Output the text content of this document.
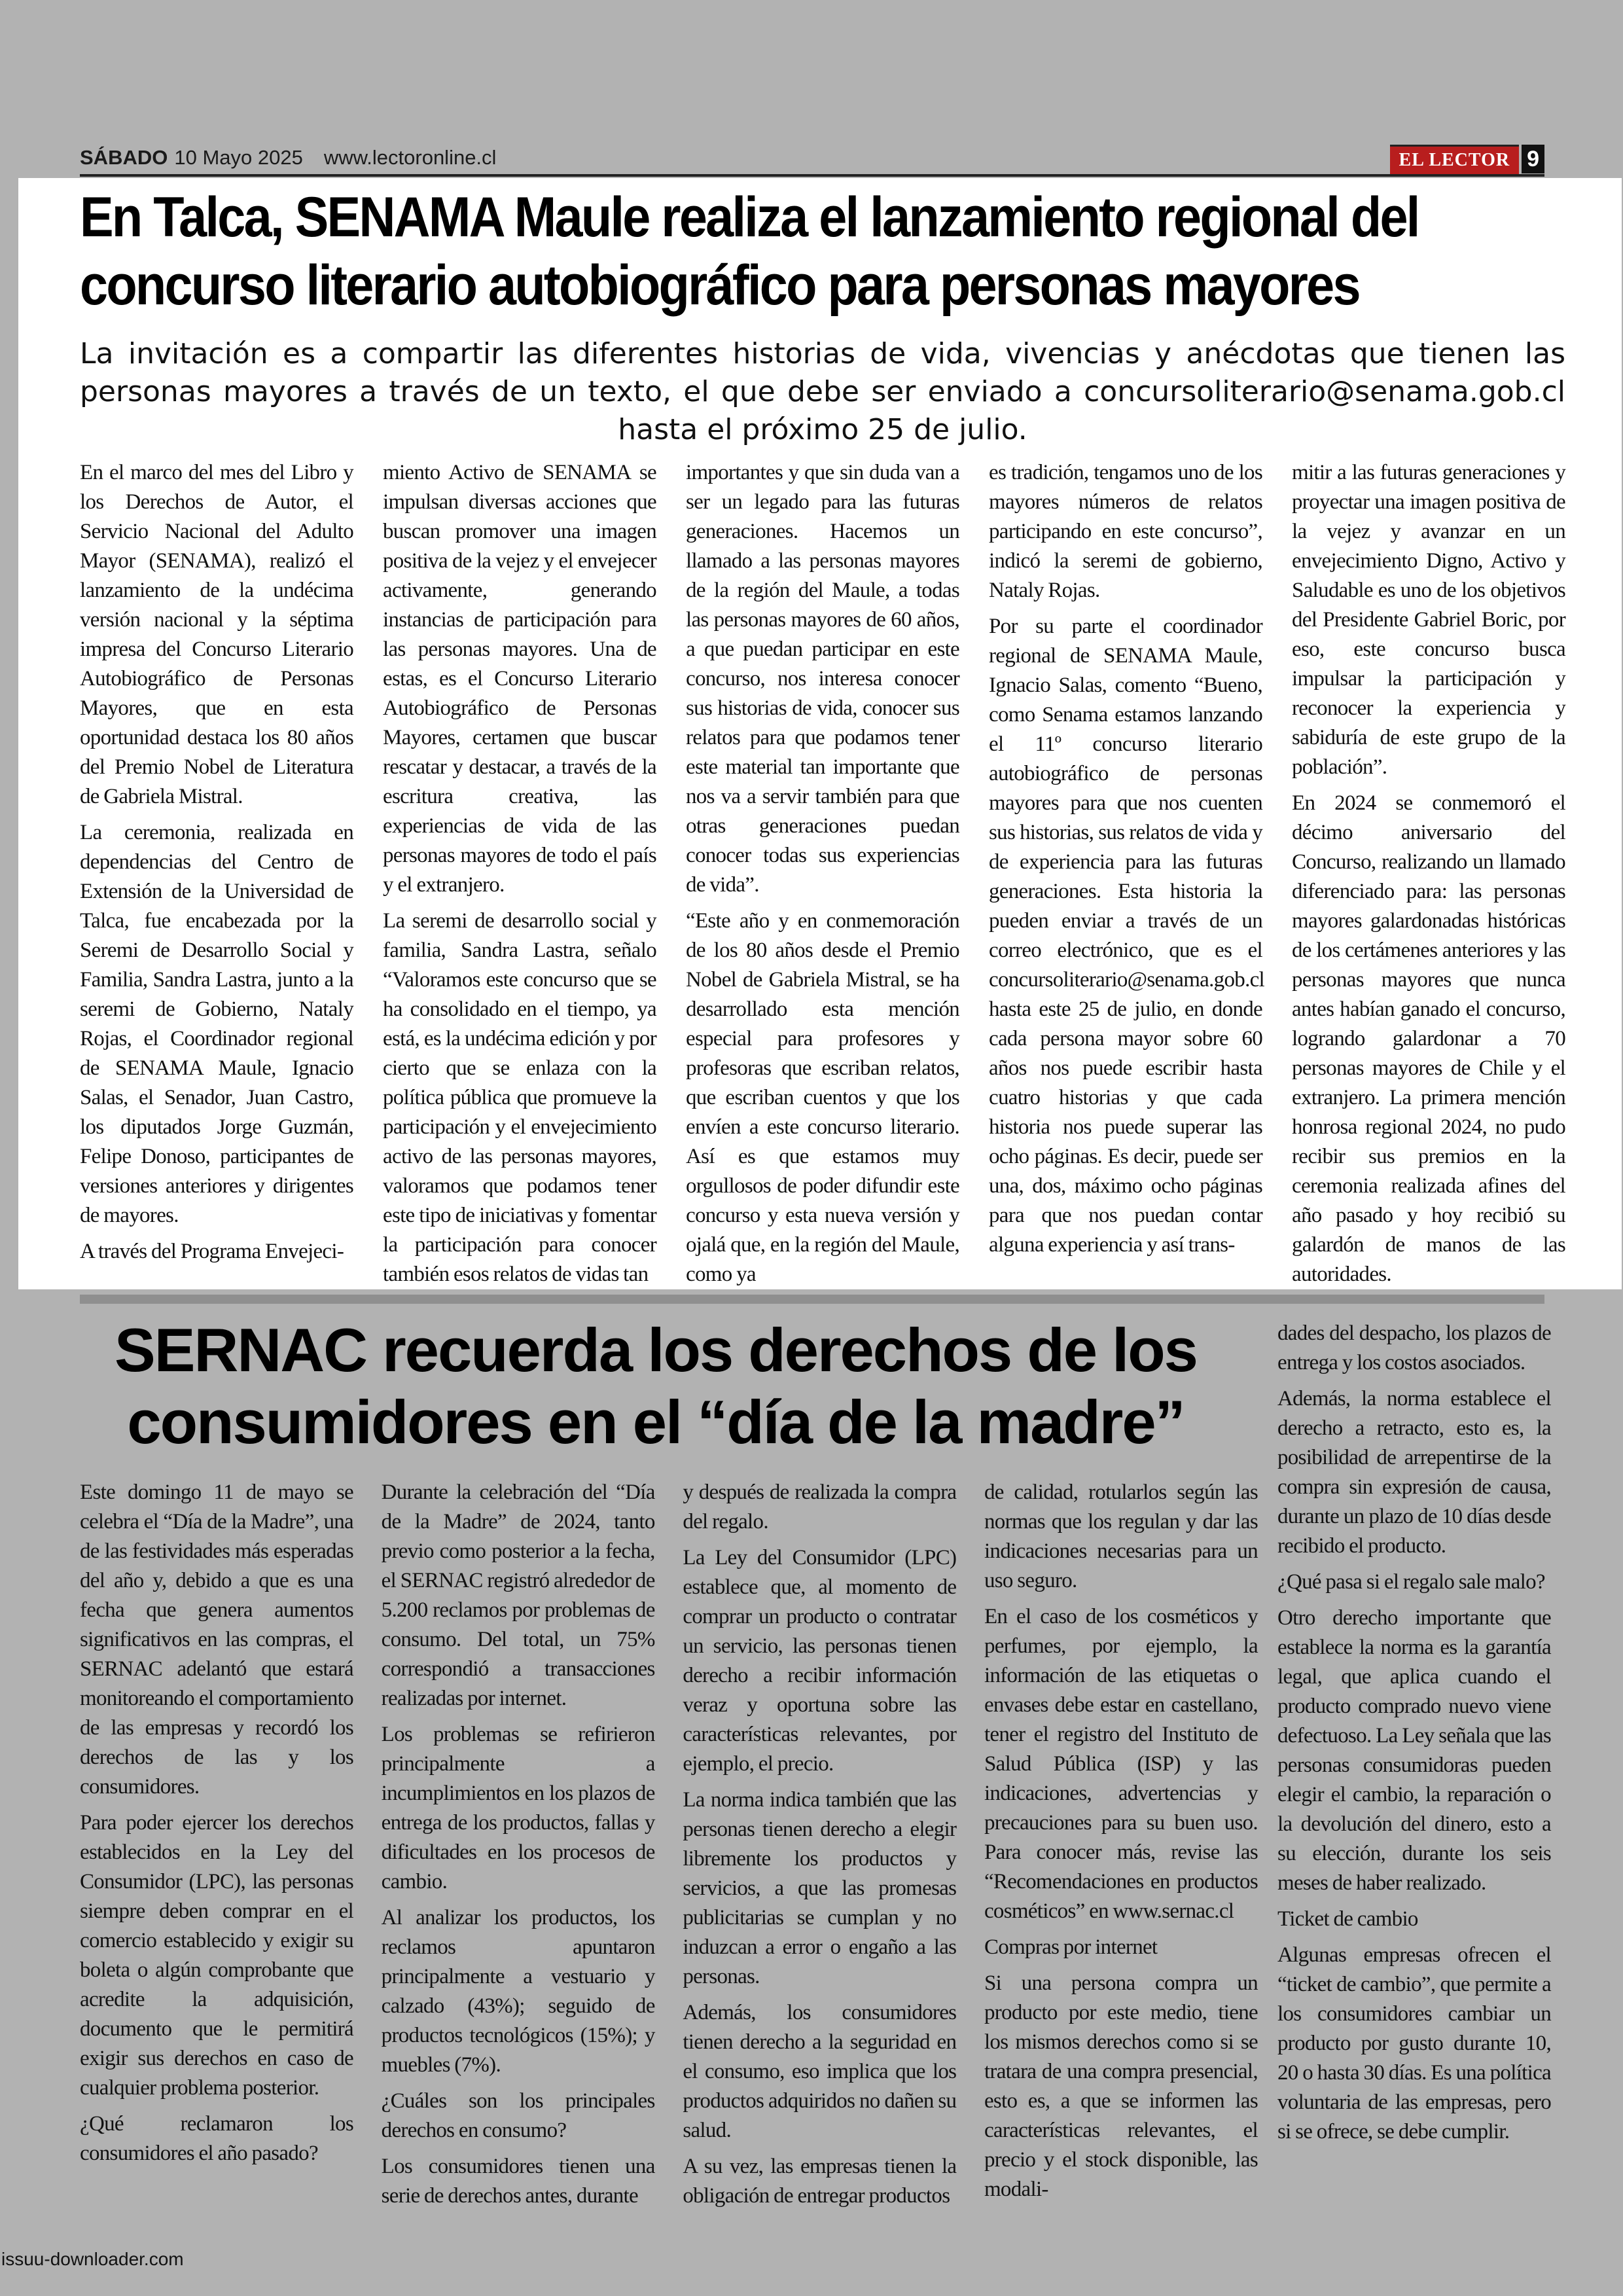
SÁBADO 10 Mayo 2025 www.lectoronline.cl	EL LECTOR 9
En Talca, SENAMA Maule realiza el lanzamiento regional del
concurso literario autobiográfico para personas mayores
La invitación es a compartir las diferentes historias de vida, vivencias y anécdotas que tienen las personas mayores a través de un texto, el que debe ser enviado a concursoliterario@senama.gob.cl hasta el próximo 25 de julio.

En el marco del mes del Libro y los Derechos de Autor, el Servicio Nacional del Adulto Mayor (SENAMA), realizó el lanzamiento de la undécima versión nacional y la séptima impresa del Concurso Literario Autobiográfico de Personas Mayores, que en esta oportunidad destaca los 80 años del Premio Nobel de Literatura de Gabriela Mistral.

La ceremonia, realizada en dependencias del Centro de Extensión de la Universidad de Talca, fue encabezada por la Seremi de Desarrollo Social y Familia, Sandra Lastra, junto a la seremi de Gobierno, Nataly Rojas, el Coordinador regional de SENAMA Maule, Ignacio Salas, el Senador, Juan Castro, los diputados Jorge Guzmán, Felipe Donoso, participantes de versiones anteriores y dirigentes de mayores.

A través del Programa Envejeci-

miento Activo de SENAMA se impulsan diversas acciones que buscan promover una imagen positiva de la vejez y el envejecer activamente, generando instancias de participación para las personas mayores. Una de estas, es el Concurso Literario Autobiográfico de Personas Mayores, certamen que buscar rescatar y destacar, a través de la escritura creativa, las experiencias de vida de las personas mayores de todo el país y el extranjero.

La seremi de desarrollo social y familia, Sandra Lastra, señalo “Valoramos este concurso que se ha consolidado en el tiempo, ya está, es la undécima edición y por cierto que se enlaza con la política pública que promueve la participación y el envejecimiento activo de las personas mayores, valoramos que podamos tener este tipo de iniciativas y fomentar la participación para conocer también esos relatos de vidas tan

importantes y que sin duda van a ser un legado para las futuras generaciones. Hacemos un llamado a las personas mayores de la región del Maule, a todas las personas mayores de 60 años, a que puedan participar en este concurso, nos interesa conocer sus historias de vida, conocer sus relatos para que podamos tener este material tan importante que nos va a servir también para que otras generaciones puedan conocer todas sus experiencias de vida”.

“Este año y en conmemoración de los 80 años desde el Premio Nobel de Gabriela Mistral, se ha desarrollado esta mención especial para profesores y profesoras que escriban relatos, que escriban cuentos y que los envíen a este concurso literario. Así es que estamos muy orgullosos de poder difundir este concurso y esta nueva versión y ojalá que, en la región del Maule, como ya

es tradición, tengamos uno de los mayores números de relatos participando en este concurso”, indicó la seremi de gobierno, Nataly Rojas.

Por su parte el coordinador regional de SENAMA Maule, Ignacio Salas, comento “Bueno, como Senama estamos lanzando el 11º concurso literario autobiográfico de personas mayores para que nos cuenten sus historias, sus relatos de vida y de experiencia para las futuras generaciones. Esta historia la pueden enviar a través de un correo electrónico, que es el concursoliterario@senama.gob.cl hasta este 25 de julio, en donde cada persona mayor sobre 60 años nos puede escribir hasta cuatro historias y que cada historia nos puede superar las ocho páginas. Es decir, puede ser una, dos, máximo ocho páginas para que nos puedan contar alguna experiencia y así trans-

mitir a las futuras generaciones y proyectar una imagen positiva de la vejez y avanzar en un envejecimiento Digno, Activo y Saludable es uno de los objetivos del Presidente Gabriel Boric, por eso, este concurso busca impulsar la participación y reconocer la experiencia y sabiduría de este grupo de la población”.

En 2024 se conmemoró el décimo aniversario del Concurso, realizando un llamado diferenciado para: las personas mayores galardonadas históricas de los certámenes anteriores y las personas mayores que nunca antes habían ganado el concurso, logrando galardonar a 70 personas mayores de Chile y el extranjero. La primera mención honrosa regional 2024, no pudo recibir sus premios en la ceremonia realizada afines del año pasado y hoy recibió su galardón de manos de las autoridades.

SERNAC recuerda los derechos de los
consumidores en el “día de la madre”

Este domingo 11 de mayo se celebra el “Día de la Madre”, una de las festividades más esperadas del año y, debido a que es una fecha que genera aumentos significativos en las compras, el SERNAC adelantó que estará monitoreando el comportamiento de las empresas y recordó los derechos de las y los consumidores.

Para poder ejercer los derechos establecidos en la Ley del Consumidor (LPC), las personas siempre deben comprar en el comercio establecido y exigir su boleta o algún comprobante que acredite la adquisición, documento que le permitirá exigir sus derechos en caso de cualquier problema posterior.

¿Qué reclamaron los consumidores el año pasado?

Durante la celebración del “Día de la Madre” de 2024, tanto previo como posterior a la fecha, el SERNAC registró alrededor de 5.200 reclamos por problemas de consumo. Del total, un 75% correspondió a transacciones realizadas por internet.

Los problemas se refirieron principalmente a incumplimientos en los plazos de entrega de los productos, fallas y dificultades en los procesos de cambio.

Al analizar los productos, los reclamos apuntaron principalmente a vestuario y calzado (43%); seguido de productos tecnológicos (15%); y muebles (7%).

¿Cuáles son los principales derechos en consumo?

Los consumidores tienen una serie de derechos antes, durante

y después de realizada la compra del regalo.

La Ley del Consumidor (LPC) establece que, al momento de comprar un producto o contratar un servicio, las personas tienen derecho a recibir información veraz y oportuna sobre las características relevantes, por ejemplo, el precio.

La norma indica también que las personas tienen derecho a elegir libremente los productos y servicios, a que las promesas publicitarias se cumplan y no induzcan a error o engaño a las personas.

Además, los consumidores tienen derecho a la seguridad en el consumo, eso implica que los productos adquiridos no dañen su salud.

A su vez, las empresas tienen la obligación de entregar productos

de calidad, rotularlos según las normas que los regulan y dar las indicaciones necesarias para un uso seguro.

En el caso de los cosméticos y perfumes, por ejemplo, la información de las etiquetas o envases debe estar en castellano, tener el registro del Instituto de Salud Pública (ISP) y las indicaciones, advertencias y precauciones para su buen uso. Para conocer más, revise las “Recomendaciones en productos cosméticos” en www.sernac.cl

Compras por internet

Si una persona compra un producto por este medio, tiene los mismos derechos como si se tratara de una compra presencial, esto es, a que se informen las características relevantes, el precio y el stock disponible, las modali-

dades del despacho, los plazos de entrega y los costos asociados.

Además, la norma establece el derecho a retracto, esto es, la posibilidad de arrepentirse de la compra sin expresión de causa, durante un plazo de 10 días desde recibido el producto.

¿Qué pasa si el regalo sale malo?

Otro derecho importante que establece la norma es la garantía legal, que aplica cuando el producto comprado nuevo viene defectuoso. La Ley señala que las personas consumidoras pueden elegir el cambio, la reparación o la devolución del dinero, esto a su elección, durante los seis meses de haber realizado.

Ticket de cambio

Algunas empresas ofrecen el “ticket de cambio”, que permite a los consumidores cambiar un producto por gusto durante 10, 20 o hasta 30 días. Es una política voluntaria de las empresas, pero si se ofrece, se debe cumplir.

issuu-downloader.com
